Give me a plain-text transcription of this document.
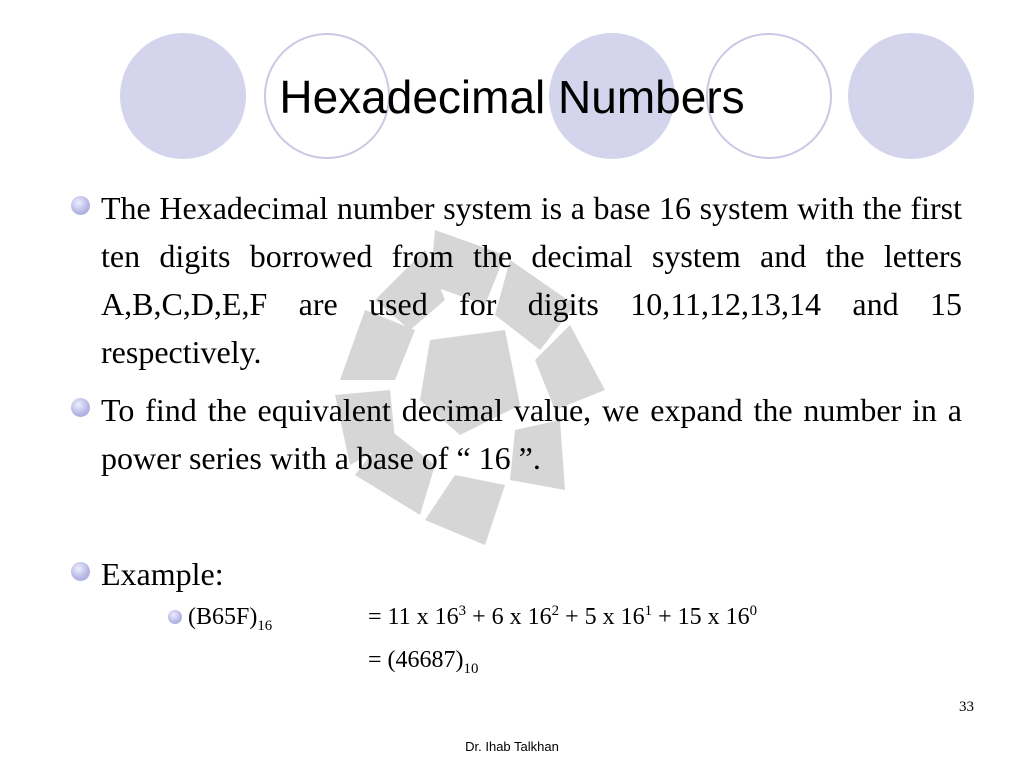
Hexadecimal Numbers
The Hexadecimal number system is a base 16 system with the first ten digits borrowed from the decimal system and the letters A,B,C,D,E,F are used for digits 10,11,12,13,14 and 15 respectively.
To find the equivalent decimal value, we expand the number in a power series with a base of “ 16 ”.
Example:
$(B65F)_{16}$	= 11 x $16^3 + 6$ x $16^2 + 5$ x $16^1 + 15$ x $16^0$
= $(46687)_{10}$
33
Dr. Ihab Talkhan
